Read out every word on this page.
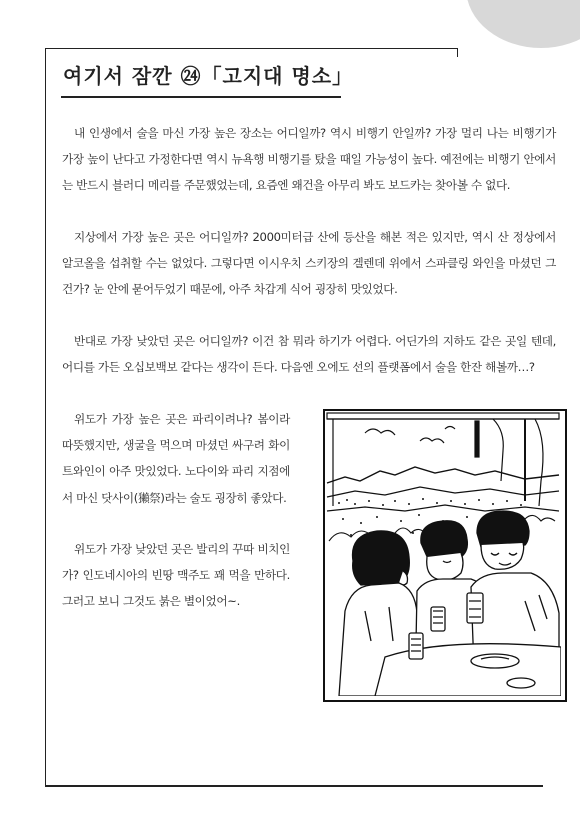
여기서 잠깐 ㉔「고지대 명소」

내 인생에서 술을 마신 가장 높은 장소는 어디일까? 역시 비행기 안일까? 가장 멀리 나는 비행기가 가장 높이 난다고 가정한다면 역시 뉴욕행 비행기를 탔을 때일 가능성이 높다. 예전에는 비행기 안에서는 반드시 블러디 메리를 주문했었는데, 요즘엔 왜건을 아무리 봐도 보드카는 찾아볼 수 없다.

지상에서 가장 높은 곳은 어디일까? 2000미터급 산에 등산을 해본 적은 있지만, 역시 산 정상에서 알코올을 섭취할 수는 없었다. 그렇다면 이시우치 스키장의 겔렌데 위에서 스파클링 와인을 마셨던 그건가? 눈 안에 묻어두었기 때문에, 아주 차갑게 식어 굉장히 맛있었다.

반대로 가장 낮았던 곳은 어디일까? 이건 참 뭐라 하기가 어렵다. 어딘가의 지하도 같은 곳일 텐데, 어디를 가든 오십보백보 같다는 생각이 든다. 다음엔 오에도 선의 플랫폼에서 술을 한잔 해볼까…?

위도가 가장 높은 곳은 파리이려나? 봄이라 따뜻했지만, 생굴을 먹으며 마셨던 싸구려 화이트와인이 아주 맛있었다. 노다이와 파리 지점에서 마신 닷사이(獺祭)라는 술도 굉장히 좋았다.

위도가 가장 낮았던 곳은 발리의 꾸따 비치인가? 인도네시아의 빈땅 맥주도 꽤 먹을 만하다. 그러고 보니 그것도 붉은 별이었어~.
